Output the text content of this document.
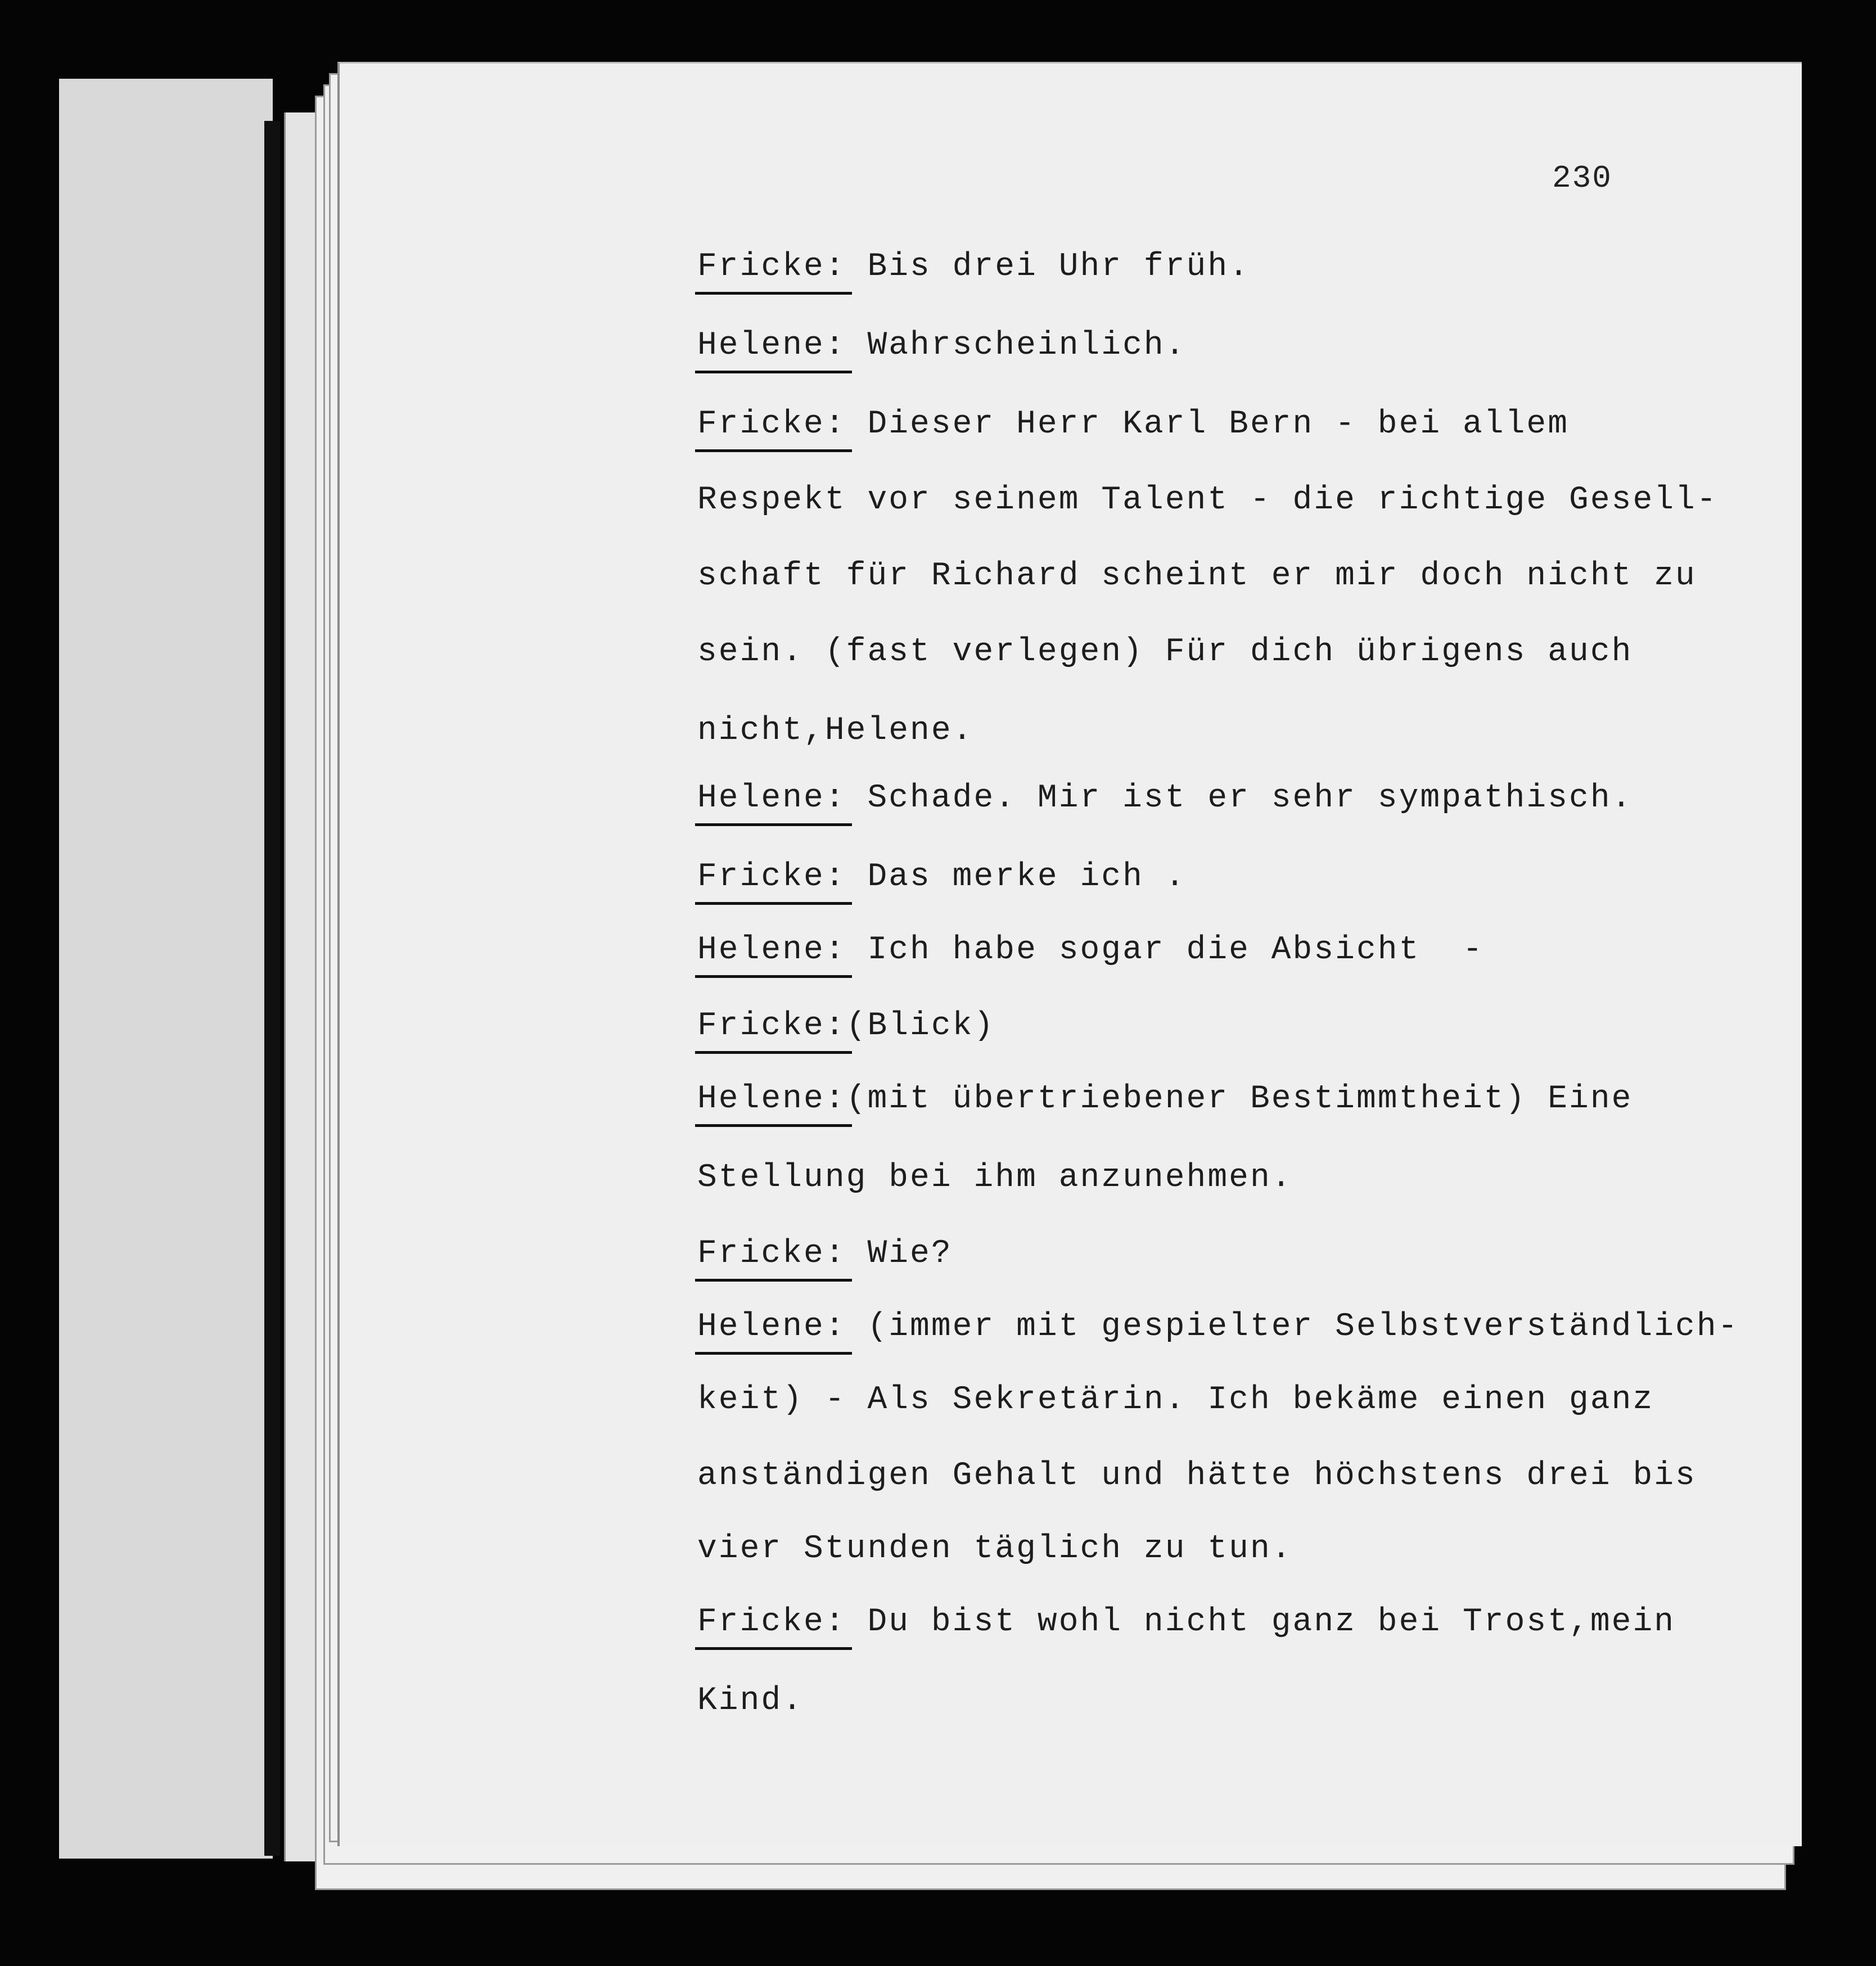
230
Fricke: Bis drei Uhr früh.
Helene: Wahrscheinlich.
Fricke: Dieser Herr Karl Bern - bei allem
Respekt vor seinem Talent - die richtige Gesell-
schaft für Richard scheint er mir doch nicht zu
sein. (fast verlegen) Für dich übrigens auch
nicht,Helene.
Helene: Schade. Mir ist er sehr sympathisch.
Fricke: Das merke ich .
Helene: Ich habe sogar die Absicht  -
Fricke:(Blick)
Helene:(mit übertriebener Bestimmtheit) Eine
Stellung bei ihm anzunehmen.
Fricke: Wie?
Helene: (immer mit gespielter Selbstverständlich-
keit) - Als Sekretärin. Ich bekäme einen ganz
anständigen Gehalt und hätte höchstens drei bis
vier Stunden täglich zu tun.
Fricke: Du bist wohl nicht ganz bei Trost,mein
Kind.
